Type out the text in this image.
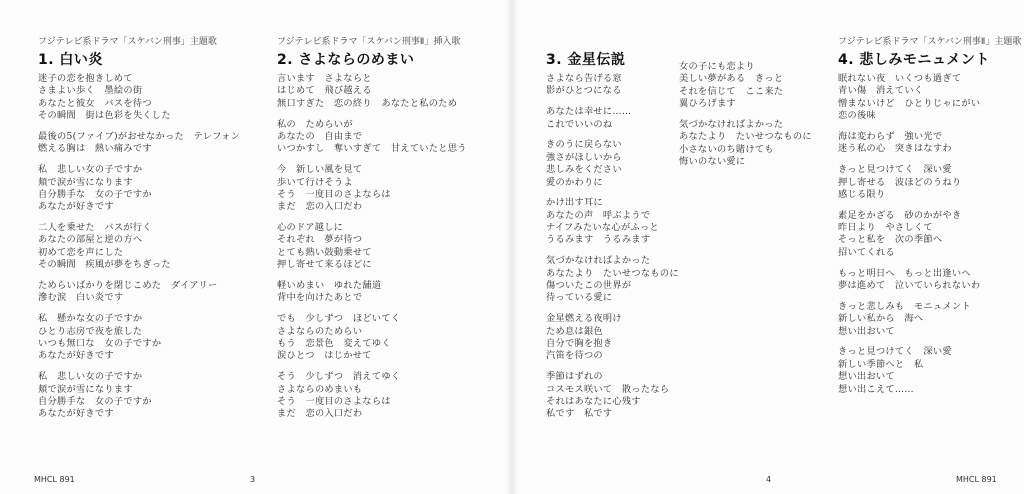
フジテレビ系ドラマ「スケバン刑事」主題歌
1. 白い炎
迷子の恋を抱きしめて
さまよい歩く　墨絵の街
あなたと彼女　バスを待つ
その瞬間　街は色彩を失くした
最後の5(ファイブ)がおせなかった　テレフォン
燃える胸は　熱い痛みです
私　悲しい女の子ですか
頬で涙が雪になります
自分勝手な　女の子ですか
あなたが好きです
二人を乗せた　バスが行く
あなたの部屋と逆の方へ
初めて恋を声にした
その瞬間　疾風が夢をちぎった
ためらいばかりを閉じこめた　ダイアリー
滲む涙　白い炎です
私　懸かな女の子ですか
ひとり志房で夜を旅した
いつも無口な　女の子ですか
あなたが好きです
私　悲しい女の子ですか
頬で涙が雪になります
自分勝手な　女の子ですか
あなたが好きです
フジテレビ系ドラマ「スケバン刑事Ⅱ」挿入歌
2. さよならのめまい
言います　さよならと
はじめて　飛び越える
無口すぎた　恋の終り　あなたと私のため
私の　ためらいが
あなたの　自由まで
いつかすし　奪いすぎて　甘えていたと思う
今　新しい風を見て
歩いて行けそうよ
そう　一度目のさよならは
まだ　恋の入口だわ
心のドア越しに
それぞれ　夢が待つ
とても熱い鼓動乗せて
押し寄せて来るほどに
軽いめまい　ゆれた舗道
背中を向けたあとで
でも　少しずつ　ほどいてく
さよならのためらい
もう　恋景色　変えてゆく
涙ひとつ　はじかせて
そう　少しずつ　消えてゆく
さよならのめまいも
そう　一度目のさよならは
まだ　恋の入口だわ
3. 金星伝説
さよなら告げる窓
影がひとつになる
あなたは幸せに……
これでいいのね
きのうに戻らない
強さがほしいから
悲しみをください
愛のかわりに
かけ出す耳に
あなたの声　呼ぶようで
ナイフみたいな心がふっと
うるみます　うるみます
気づかなければよかった
あなたより　たいせつなものに
傷ついたこの世界が
待っている愛に
金星燃える夜明け
ため息は銀色
自分で胸を抱き
汽笛を待つの
季節はずれの
コスモス咲いて　散ったなら
それはあなたに心残す
私です　私です
女の子にも恋より
美しい夢がある　きっと
それを信じて　ここ来た
翼ひろげます
気づかなければよかった
あなたより　たいせつなものに
小さないのち賭けても
悔いのない愛に
フジテレビ系ドラマ「スケバン刑事Ⅱ」主題歌
4. 悲しみモニュメント
眠れない夜　いくつも過ぎて
青い傷　消えていく
憎まないけど　ひとりじゃにがい
恋の後味
海は変わらず　強い光で
迷う私の心　突きはなすわ
きっと見つけてく　深い愛
押し寄せる　波ほどのうねり
感じる限り
素足をかざる　砂のかがやき
昨日より　やさしくて
そっと私を　次の季節へ
招いてくれる
もっと明日へ　もっと出逢いへ
夢は進めて　泣いていられないわ
きっと悲しみも　モニュメント
新しい私から　海へ
想い出おいて
きっと見つけてく　深い愛
新しい季節へと　私
想い出おいて
想い出こえて……
MHCL 891	3	4	MHCL 891
